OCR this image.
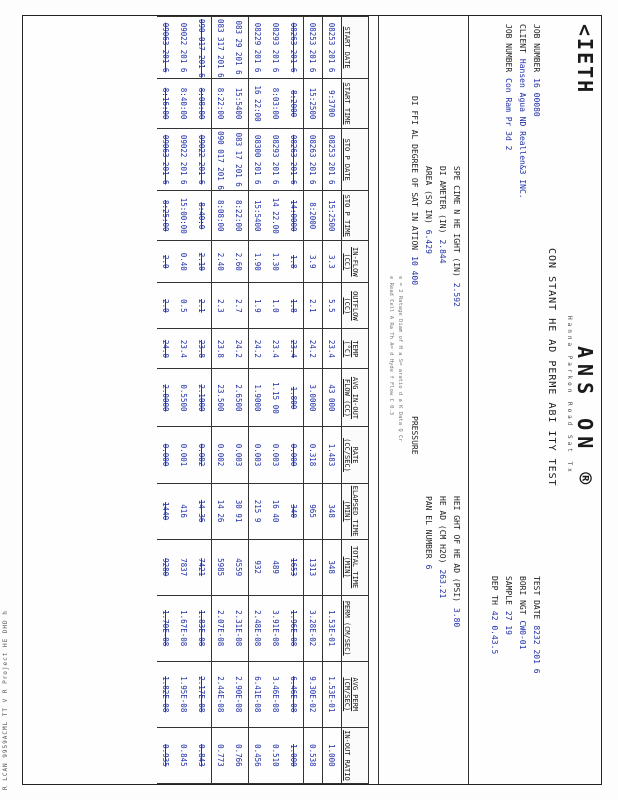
R LCAN 9959ACML TT V R Project HE DHD h
<IETH
ANS ON ®
Hanna Parkon Road Sat Tx
CON STANT HE AD PERME ABI ITY TEST
JOB NUMBER16 00080
CLIENTHansen Agua ND Reallen&3 INC.
JOB NUMBERCon Ram Pr 3d 2
TEST DATE8232 201 6
BORI NGTCW0-01
SAMPLE27 19
DEP TH42 0.43.5
SPE CIME N HE IGHT (IN)2.592
DI AMETER (IN)2.844
AREA (SQ IN)6.429
DI FFI AL DEGREE OF SAT IN ATION10 400
HEI GHT OF HE AD (PSI)3.80
HE AD (CM H2O)263.21
PAN EL NUMBER6
PRESSURE
e = 2 Ratage Diam of H a S= aratio d a K Data Q Cr
e Read Cell A Ra Th A= d Hyde f Flow C 0.3
START DATE	START TIME	STO P DATE	STO P TIME	IN-FLOW (CC)	OUTFLOW (CC)	TEMP (°C)	AVG IN-OUT FLOW (CC)	RATE (CC/SEC)	ELAPSED TIME (MIN)	TOTAL TIME (MIN)	PERM (CM/SEC)	AVG PERM (CM/SEC)	IN-OUT RATIO
08253 201 6	9:3700	08253 201 6	15:2500	3.3	5.5	23.4	43 000	1.483	348	348	1.53E-01	1.53E-01	1.000
08253 201 6	15:2500	08263 201 6	8:2000	3.9	2.1	24.2	3.0000	0.318	965	1313	3.28E-02	9.30E-02	0.538
08263 201 6	8:2000	08263 201 6	14:0000	1.8	1.8	23.4	1.800	0.000	340	1653	1.96E-08	6.46E-08	1.000
08293 201 6	8:03:00	08293 201 6	14 22.00	1.30	1.0	23.4	1.15 00	0.003	16 40	489	3.91E-08	3.46E-08	0.510
08229 201 6	16 22:00	08300 201 6	15:5400	1.90	1.9	24.2	1.9000	0.003	215 9	932	2.48E-08	6.41E-08	0.456
083 29 201 6	15:5400	083 17 201 6	8:22:00	2.60	2.7	24.2	2.6500	0.003	30 91	4559	2.31E-08	2.90E-08	0.766
083 317 201 6	8:22:00	090 017 201 6	8:08:00	2.40	2.3	23.8	23.500	0.002	14 26	5985	2.07E-08	2.44E-08	0.773
090 017 201 6	8:08:00	09022 201 6	8:40:0	2.10	2.1	23.8	2.1000	0.002	14 36	7421	1.83E-08	2.17E-08	0.843
09022 201 6	8:40:00	09022 201 6	15:00:00	0.40	0.5	23.4	0.5500	0.001	416	7837	1.67E-08	1.95E-08	0.845
09063 201 6	8:16:00	09063 201 6	8:25:00	2.0	2.0	24.0	2.0000	0.000	1440	9280	1.70E-08	1.82E-08	0.935
